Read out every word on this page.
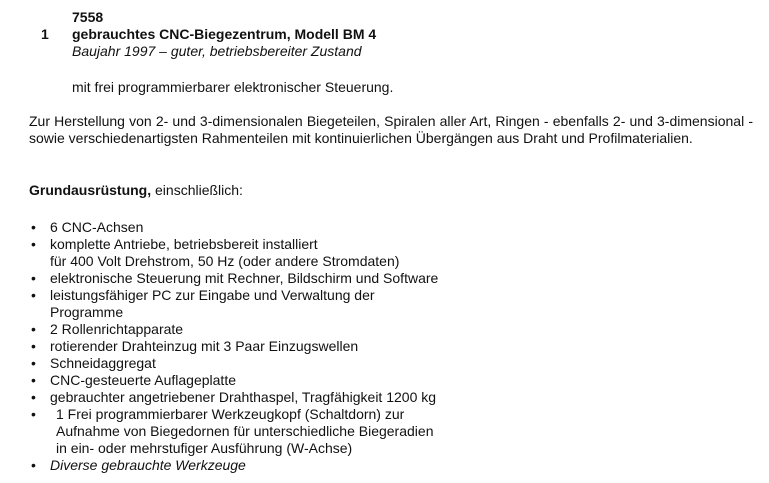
7558
1 gebrauchtes CNC-Biegezentrum, Modell BM 4
Baujahr 1997 – guter, betriebsbereiter Zustand
mit frei programmierbarer elektronischer Steuerung.
Zur Herstellung von 2- und 3-dimensionalen Biegeteilen, Spiralen aller Art, Ringen - ebenfalls 2- und 3-dimensional - sowie verschiedenartigsten Rahmenteilen mit kontinuierlichen Übergängen aus Draht und Profilmaterialien.
Grundausrüstung, einschließlich:
•	6 CNC-Achsen
•	komplette Antriebe, betriebsbereit installiert
für 400 Volt Drehstrom, 50 Hz (oder andere Stromdaten)
•	elektronische Steuerung mit Rechner, Bildschirm und Software
•	leistungsfähiger PC zur Eingabe und Verwaltung der
Programme
•	2 Rollenrichtapparate
•	rotierender Drahteinzug mit 3 Paar Einzugswellen
•	Schneidaggregat
•	CNC-gesteuerte Auflageplatte
•	gebrauchter angetriebener Drahthaspel, Tragfähigkeit 1200 kg
•	1 Frei programmierbarer Werkzeugkopf (Schaltdorn) zur
Aufnahme von Biegedornen für unterschiedliche Biegeradien
in ein- oder mehrstufiger Ausführung (W-Achse)
•	Diverse gebrauchte Werkzeuge
